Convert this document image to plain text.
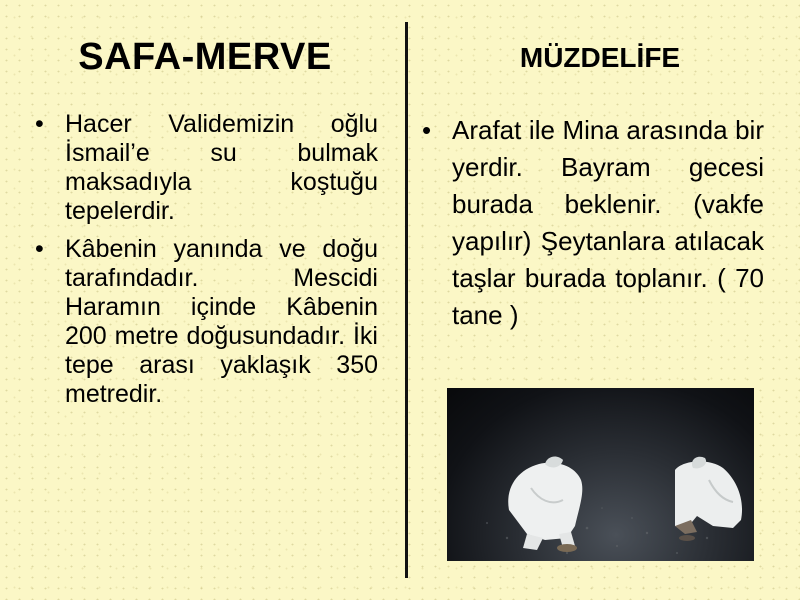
SAFA-MERVE
• Hacer Validemizin oğlu İsmail’e su bulmak maksadıyla koştuğu tepelerdir.
• Kâbenin yanında ve doğu tarafındadır. Mescidi Haramın içinde Kâbenin 200 metre doğusundadır. İki tepe arası yaklaşık 350 metredir.
MÜZDELİFE
• Arafat ile Mina arasında bir yerdir. Bayram gecesi burada beklenir. (vakfe yapılır) Şeytanlara atılacak taşlar burada toplanır. ( 70 tane )
